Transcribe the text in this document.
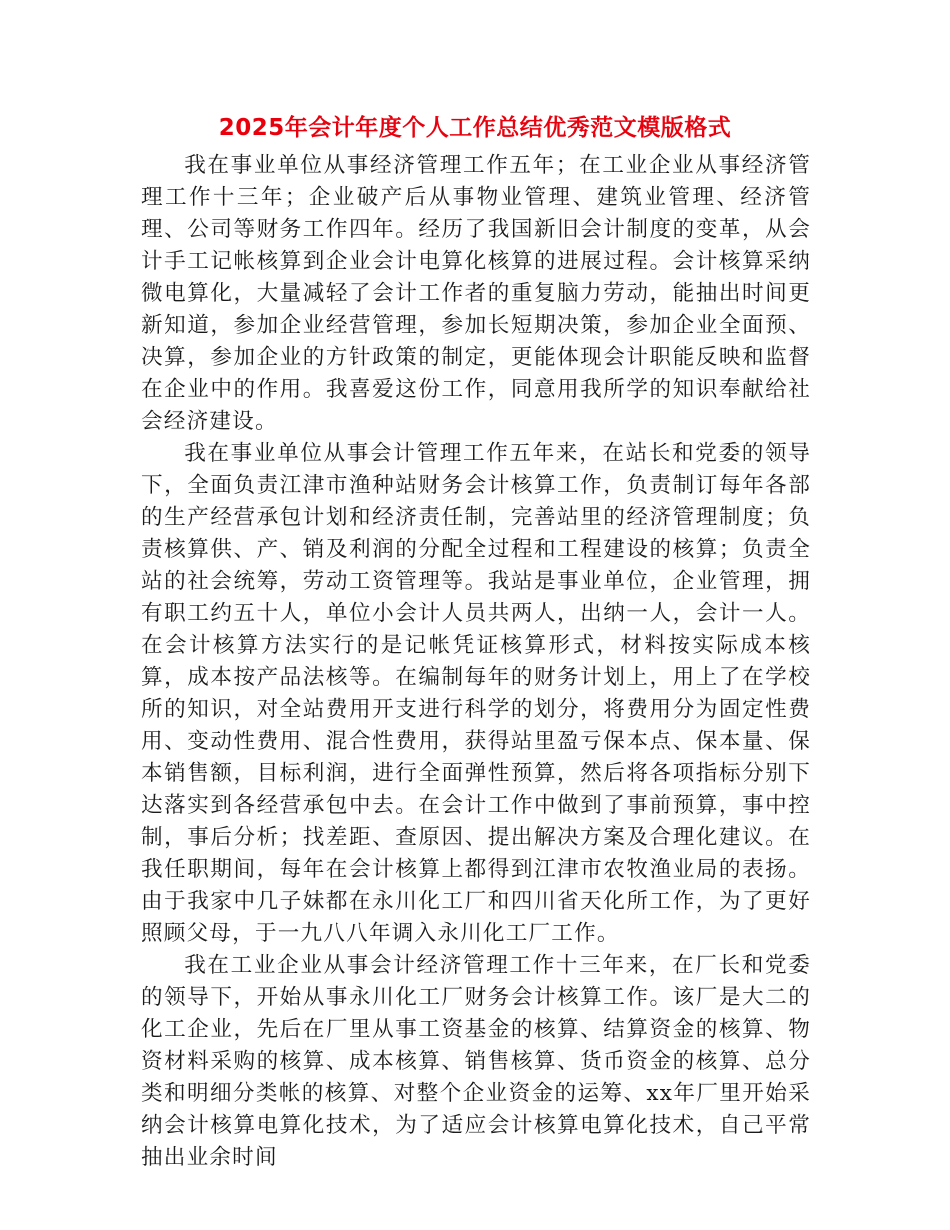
2025年会计年度个人工作总结优秀范文模版格式

我在事业单位从事经济管理工作五年；在工业企业从事经济管理工作十三年；企业破产后从事物业管理、建筑业管理、经济管理、公司等财务工作四年。经历了我国新旧会计制度的变革，从会计手工记帐核算到企业会计电算化核算的进展过程。会计核算采纳微电算化，大量减轻了会计工作者的重复脑力劳动，能抽出时间更新知道，参加企业经营管理，参加长短期决策，参加企业全面预、决算，参加企业的方针政策的制定，更能体现会计职能反映和监督在企业中的作用。我喜爱这份工作，同意用我所学的知识奉献给社会经济建设。

我在事业单位从事会计管理工作五年来，在站长和党委的领导下，全面负责江津市渔种站财务会计核算工作，负责制订每年各部的生产经营承包计划和经济责任制，完善站里的经济管理制度；负责核算供、产、销及利润的分配全过程和工程建设的核算；负责全站的社会统筹，劳动工资管理等。我站是事业单位，企业管理，拥有职工约五十人，单位小会计人员共两人，出纳一人，会计一人。在会计核算方法实行的是记帐凭证核算形式，材料按实际成本核算，成本按产品法核等。在编制每年的财务计划上，用上了在学校所的知识，对全站费用开支进行科学的划分，将费用分为固定性费用、变动性费用、混合性费用，获得站里盈亏保本点、保本量、保本销售额，目标利润，进行全面弹性预算，然后将各项指标分别下达落实到各经营承包中去。在会计工作中做到了事前预算，事中控制，事后分析；找差距、查原因、提出解决方案及合理化建议。在我任职期间，每年在会计核算上都得到江津市农牧渔业局的表扬。由于我家中几子妹都在永川化工厂和四川省天化所工作，为了更好照顾父母，于一九八八年调入永川化工厂工作。

我在工业企业从事会计经济管理工作十三年来，在厂长和党委的领导下，开始从事永川化工厂财务会计核算工作。该厂是大二的化工企业，先后在厂里从事工资基金的核算、结算资金的核算、物资材料采购的核算、成本核算、销售核算、货币资金的核算、总分类和明细分类帐的核算、对整个企业资金的运筹、xx年厂里开始采纳会计核算电算化技术，为了适应会计核算电算化技术，自己平常抽出业余时间
